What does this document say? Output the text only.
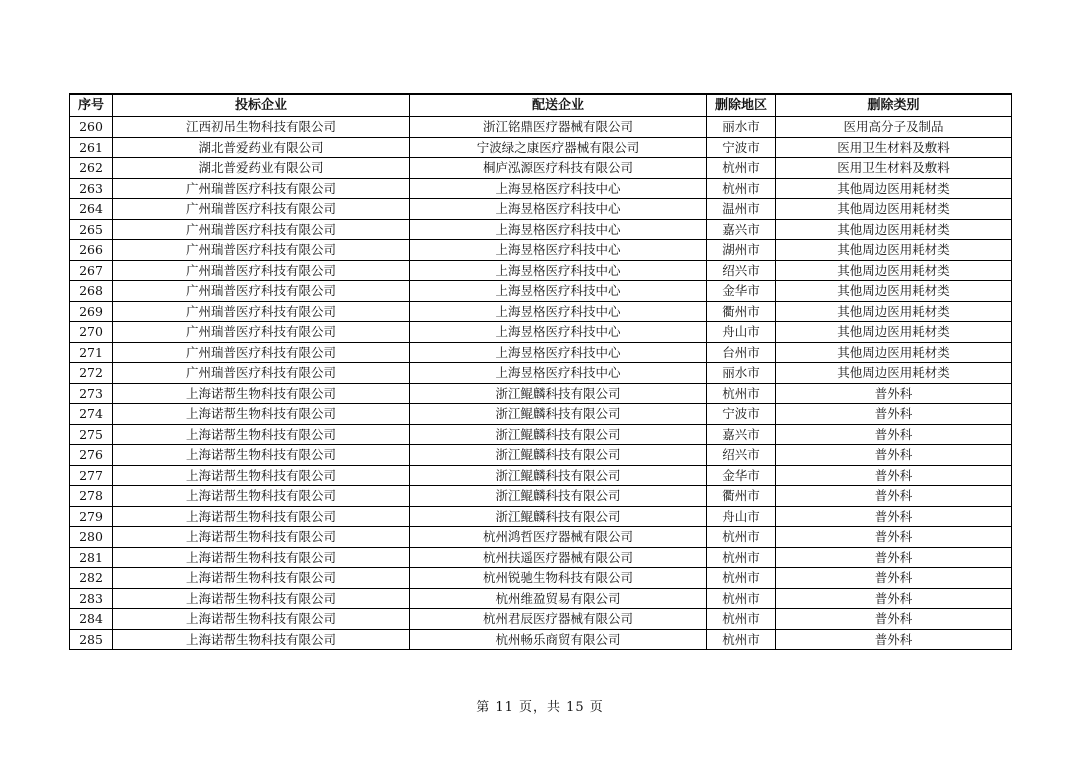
序号	投标企业	配送企业	删除地区	删除类别
260	江西初吊生物科技有限公司	浙江铭鼎医疗器械有限公司	丽水市	医用高分子及制品
261	湖北普爱药业有限公司	宁波绿之康医疗器械有限公司	宁波市	医用卫生材料及敷料
262	湖北普爱药业有限公司	桐庐泓源医疗科技有限公司	杭州市	医用卫生材料及敷料
263	广州瑞普医疗科技有限公司	上海昱格医疗科技中心	杭州市	其他周边医用耗材类
264	广州瑞普医疗科技有限公司	上海昱格医疗科技中心	温州市	其他周边医用耗材类
265	广州瑞普医疗科技有限公司	上海昱格医疗科技中心	嘉兴市	其他周边医用耗材类
266	广州瑞普医疗科技有限公司	上海昱格医疗科技中心	湖州市	其他周边医用耗材类
267	广州瑞普医疗科技有限公司	上海昱格医疗科技中心	绍兴市	其他周边医用耗材类
268	广州瑞普医疗科技有限公司	上海昱格医疗科技中心	金华市	其他周边医用耗材类
269	广州瑞普医疗科技有限公司	上海昱格医疗科技中心	衢州市	其他周边医用耗材类
270	广州瑞普医疗科技有限公司	上海昱格医疗科技中心	舟山市	其他周边医用耗材类
271	广州瑞普医疗科技有限公司	上海昱格医疗科技中心	台州市	其他周边医用耗材类
272	广州瑞普医疗科技有限公司	上海昱格医疗科技中心	丽水市	其他周边医用耗材类
273	上海诺帮生物科技有限公司	浙江鲲麟科技有限公司	杭州市	普外科
274	上海诺帮生物科技有限公司	浙江鲲麟科技有限公司	宁波市	普外科
275	上海诺帮生物科技有限公司	浙江鲲麟科技有限公司	嘉兴市	普外科
276	上海诺帮生物科技有限公司	浙江鲲麟科技有限公司	绍兴市	普外科
277	上海诺帮生物科技有限公司	浙江鲲麟科技有限公司	金华市	普外科
278	上海诺帮生物科技有限公司	浙江鲲麟科技有限公司	衢州市	普外科
279	上海诺帮生物科技有限公司	浙江鲲麟科技有限公司	舟山市	普外科
280	上海诺帮生物科技有限公司	杭州鸿哲医疗器械有限公司	杭州市	普外科
281	上海诺帮生物科技有限公司	杭州扶遥医疗器械有限公司	杭州市	普外科
282	上海诺帮生物科技有限公司	杭州锐驰生物科技有限公司	杭州市	普外科
283	上海诺帮生物科技有限公司	杭州维盈贸易有限公司	杭州市	普外科
284	上海诺帮生物科技有限公司	杭州君辰医疗器械有限公司	杭州市	普外科
285	上海诺帮生物科技有限公司	杭州畅乐商贸有限公司	杭州市	普外科
第 11 页，共 15 页
